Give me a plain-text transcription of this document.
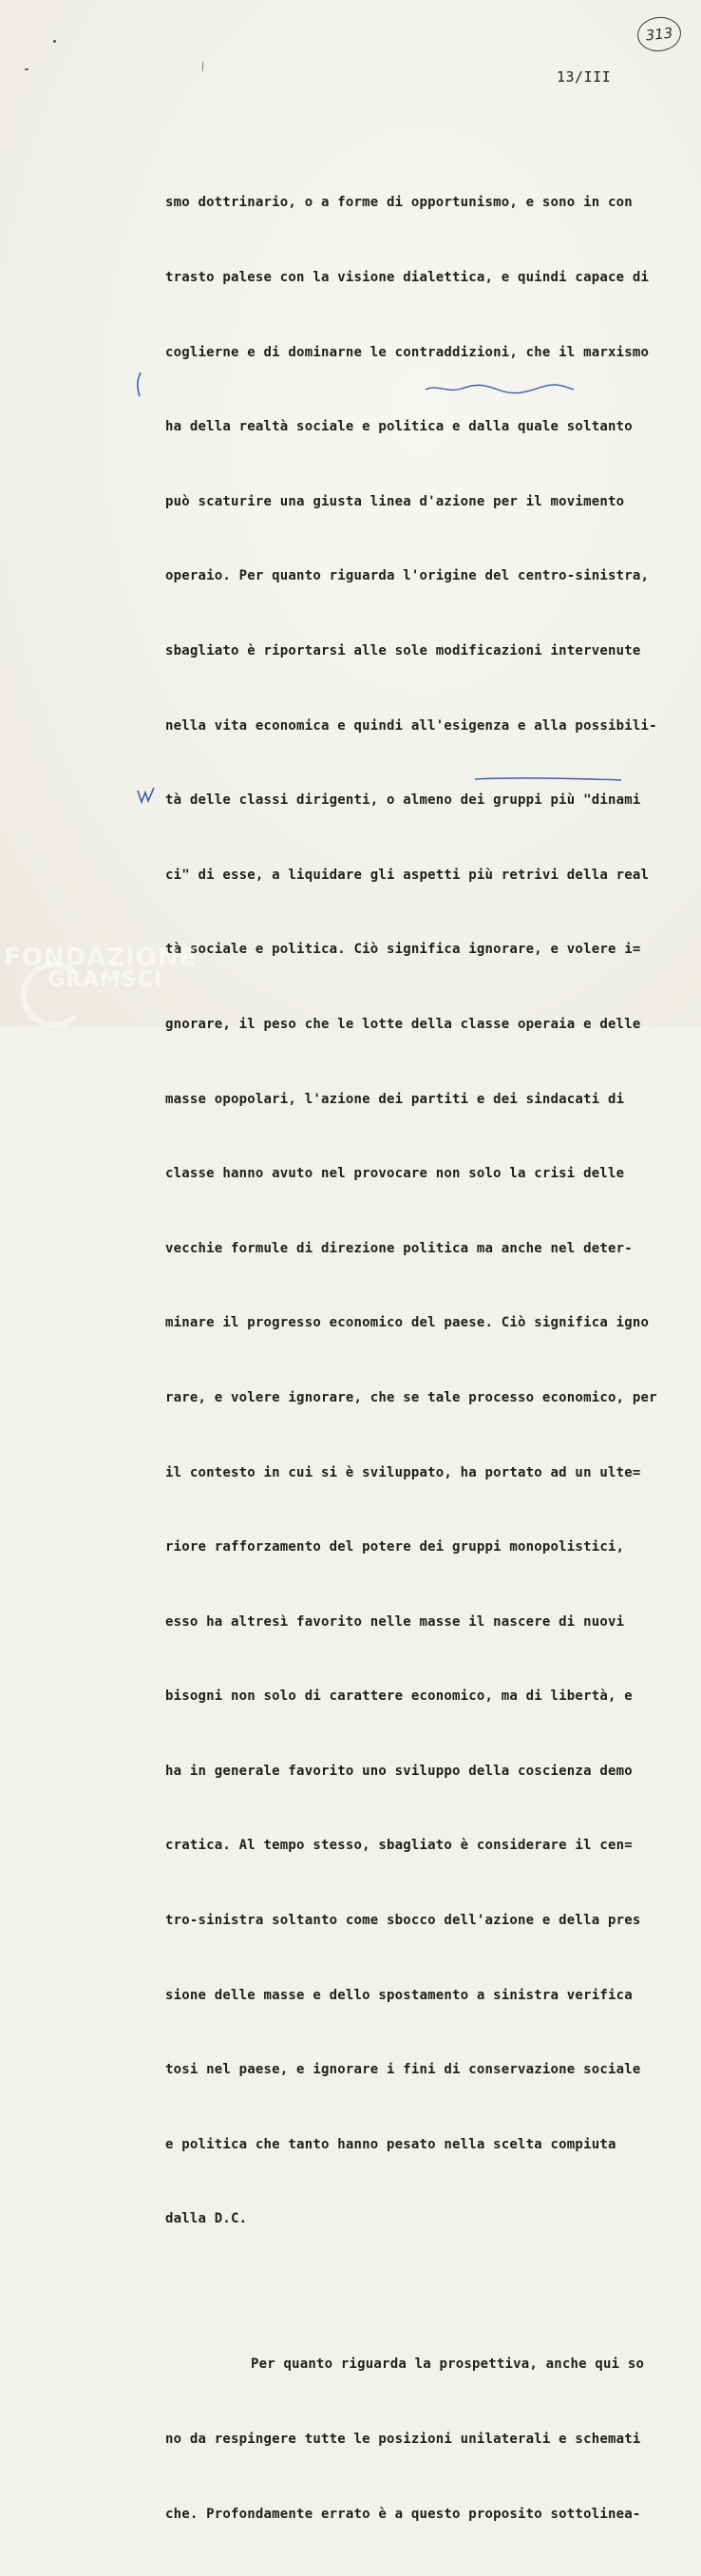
313
13/III

smo dottrinario, o a forme di opportunismo, e sono in con

trasto palese con la visione dialettica, e quindi capace di

coglierne e di dominarne le contraddizioni, che il marxismo

ha della realtà sociale e politica e dalla quale soltanto

può scaturire una giusta linea d'azione per il movimento

operaio. Per quanto riguarda l'origine del centro-sinistra,

sbagliato è riportarsi alle sole modificazioni intervenute

nella vita economica e quindi all'esigenza e alla possibili-

tà delle classi dirigenti, o almeno dei gruppi più "dinami

ci" di esse, a liquidare gli aspetti più retrivi della real

tà sociale e politica. Ciò significa ignorare, e volere i=

gnorare, il peso che le lotte della classe operaia e delle

masse opopolari, l'azione dei partiti e dei sindacati di

classe hanno avuto nel provocare non solo la crisi delle

vecchie formule di direzione politica ma anche nel deter-

minare il progresso economico del paese. Ciò significa igno

rare, e volere ignorare, che se tale processo economico, per

il contesto in cui si è sviluppato, ha portato ad un ulte=

riore rafforzamento del potere dei gruppi monopolistici,

esso ha altresì favorito nelle masse il nascere di nuovi

bisogni non solo di carattere economico, ma di libertà, e

ha in generale favorito uno sviluppo della coscienza demo

cratica. Al tempo stesso, sbagliato è considerare il cen=

tro-sinistra soltanto come sbocco dell'azione e della pres

sione delle masse e dello spostamento a sinistra verifica

tosi nel paese, e ignorare i fini di conservazione sociale

e politica che tanto hanno pesato nella scelta compiuta

dalla D.C.

Per quanto riguarda la prospettiva, anche qui so

no da respingere tutte le posizioni unilaterali e schemati

che. Profondamente errato è a questo proposito sottolinea-

FONDAZIONE
GRAMSCI
